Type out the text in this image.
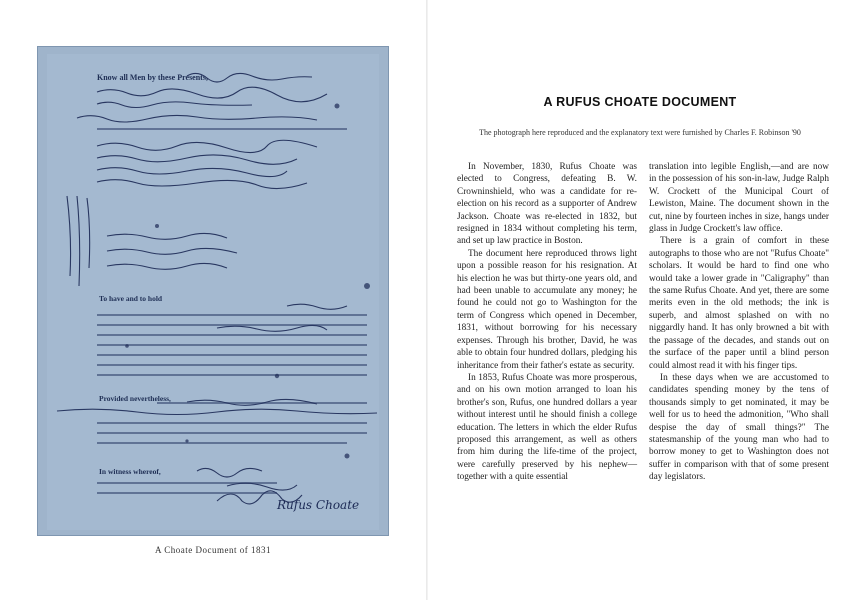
Know all Men by these Presents,
To have and to hold
Provided nevertheless,
In witness whereof,
Rufus Choate
A Choate Document of 1831
A RUFUS CHOATE DOCUMENT
The photograph here reproduced and the explanatory text were furnished by Charles F. Robinson '90

In November, 1830, Rufus Choate was elected to Congress, defeating B. W. Crowninshield, who was a candidate for re-election on his record as a supporter of Andrew Jackson. Choate was re-elected in 1832, but resigned in 1834 without completing his term, and set up law practice in Boston.

The document here reproduced throws light upon a possible reason for his resignation. At his election he was but thirty-one years old, and had been unable to accumulate any money; he found he could not go to Washington for the term of Congress which opened in December, 1831, without borrowing for his necessary expenses. Through his brother, David, he was able to obtain four hundred dollars, pledging his inheritance from their father's estate as security.

In 1853, Rufus Choate was more prosperous, and on his own motion arranged to loan his brother's son, Rufus, one hundred dollars a year without interest until he should finish a college education. The letters in which the elder Rufus proposed this arrangement, as well as others from him during the life-time of the project, were carefully preserved by his nephew—together with a quite essential

translation into legible English,—and are now in the possession of his son-in-law, Judge Ralph W. Crockett of the Municipal Court of Lewiston, Maine. The document shown in the cut, nine by fourteen inches in size, hangs under glass in Judge Crockett's law office.

There is a grain of comfort in these autographs to those who are not "Rufus Choate" scholars. It would be hard to find one who would take a lower grade in "Caligraphy" than the same Rufus Choate. And yet, there are some merits even in the old methods; the ink is superb, and almost splashed on with no niggardly hand. It has only browned a bit with the passage of the decades, and stands out on the surface of the paper until a blind person could almost read it with his finger tips.

In these days when we are accustomed to candidates spending money by the tens of thousands simply to get nominated, it may be well for us to heed the admonition, "Who shall despise the day of small things?" The statesmanship of the young man who had to borrow money to get to Washington does not suffer in comparison with that of some present day legislators.
